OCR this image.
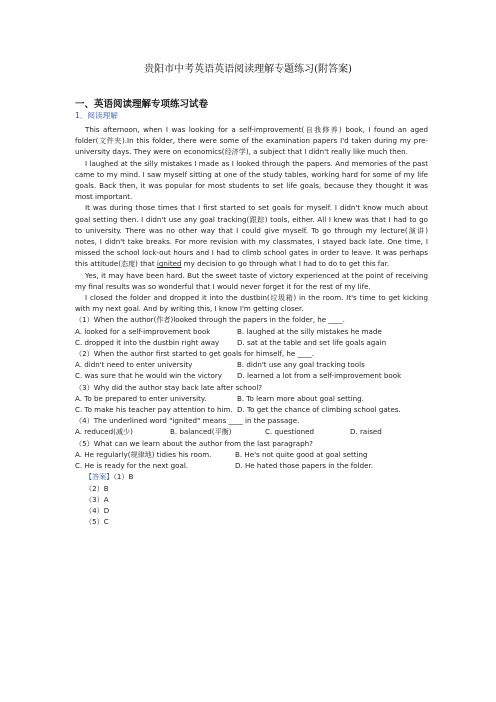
贵阳市中考英语英语阅读理解专题练习(附答案)
一、英语阅读理解专项练习试卷
1．阅读理解

This afternoon, when I was looking for a self-improvement(自我修养) book, I found an aged folder(文件夹).In this folder, there were some of the examination papers I'd taken during my pre-university days. They were on economics(经济学), a subject that I didn't really like much then.

I laughed at the silly mistakes I made as I looked through the papers. And memories of the past came to my mind. I saw myself sitting at one of the study tables, working hard for some of my life goals. Back then, it was popular for most students to set life goals, because they thought it was most important.

It was during those times that I first started to set goals for myself. I didn't know much about goal setting then. I didn't use any goal tracking(跟踪) tools, either. All I knew was that I had to go to university. There was no other way that I could give myself. To go through my lecture(演讲) notes, I didn't take breaks. For more revision with my classmates, I stayed back late. One time, I missed the school lock-out hours and I had to climb school gates in order to leave. It was perhaps this attitude(态度) that ignited my decision to go through what I had to do to get this far.

Yes, it may have been hard. But the sweet taste of victory experienced at the point of receiving my final results was so wonderful that I would never forget it for the rest of my life.

I closed the folder and dropped it into the dustbin(垃圾箱) in the room. It's time to get kicking with my next goal. And by writing this, I know I'm getting closer.

（1）When the author(作者)looked through the papers in the folder, he ____.

A. looked for a self-improvement book	B. laughed at the silly mistakes he made
C. dropped it into the dustbin right away	D. sat at the table and set life goals again

（2）When the author first started to get goals for himself, he ____.

A. didn't need to enter university	B. didn't use any goal tracking tools
C. was sure that he would win the victory	D. learned a lot from a self-improvement book

（3）Why did the author stay back late after school?

A. To be prepared to enter university.	B. To learn more about goal setting.
C. To make his teacher pay attention to him. D. To get the chance of climbing school gates.

（4）The underlined word "ignited" means ____ in the passage.

A. reduced(减少)	B. balanced(平衡)	C. questioned	D. raised

（5）What can we learn about the author from the last paragraph?

A. He regularly(规律地) tidies his room.	B. He's not quite good at goal setting
C. He is ready for the next goal.	D. He hated those papers in the folder.

【答案】（1）B

（2）B

（3）A

（4）D

（5）C
